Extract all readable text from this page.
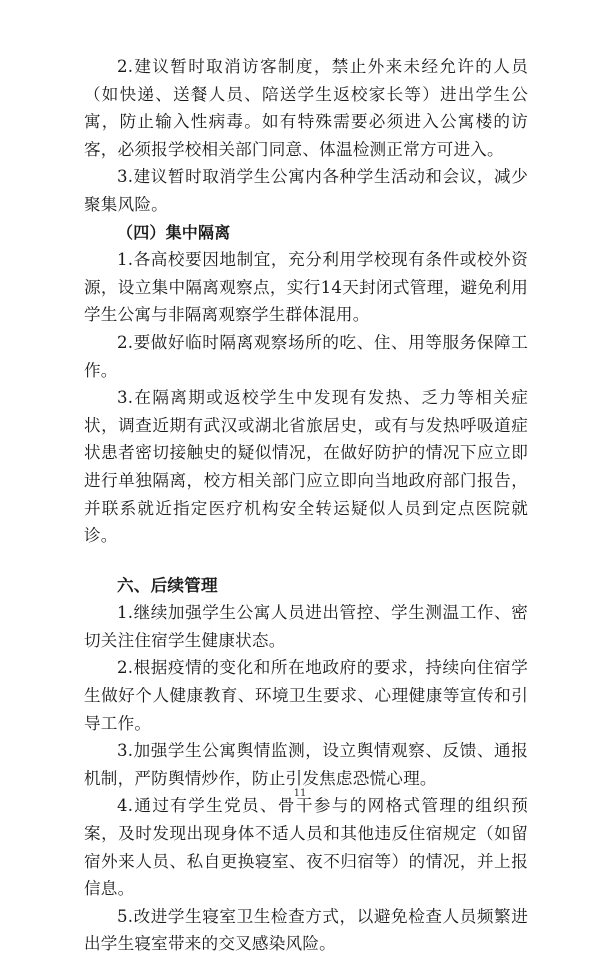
2.建议暂时取消访客制度，禁止外来未经允许的人员（如快递、送餐人员、陪送学生返校家长等）进出学生公寓，防止输入性病毒。如有特殊需要必须进入公寓楼的访客，必须报学校相关部门同意、体温检测正常方可进入。

3.建议暂时取消学生公寓内各种学生活动和会议，减少聚集风险。

（四）集中隔离

1.各高校要因地制宜，充分利用学校现有条件或校外资源，设立集中隔离观察点，实行14天封闭式管理，避免利用学生公寓与非隔离观察学生群体混用。

2.要做好临时隔离观察场所的吃、住、用等服务保障工作。

3.在隔离期或返校学生中发现有发热、乏力等相关症状，调查近期有武汉或湖北省旅居史，或有与发热呼吸道症状患者密切接触史的疑似情况，在做好防护的情况下应立即进行单独隔离，校方相关部门应立即向当地政府部门报告，并联系就近指定医疗机构安全转运疑似人员到定点医院就诊。

六、后续管理

1.继续加强学生公寓人员进出管控、学生测温工作、密切关注住宿学生健康状态。

2.根据疫情的变化和所在地政府的要求，持续向住宿学生做好个人健康教育、环境卫生要求、心理健康等宣传和引导工作。

3.加强学生公寓舆情监测，设立舆情观察、反馈、通报机制，严防舆情炒作，防止引发焦虑恐慌心理。

4.通过有学生党员、骨干参与的网格式管理的组织预案，及时发现出现身体不适人员和其他违反住宿规定（如留宿外来人员、私自更换寝室、夜不归宿等）的情况，并上报信息。

5.改进学生寝室卫生检查方式，以避免检查人员频繁进出学生寝室带来的交叉感染风险。

11
